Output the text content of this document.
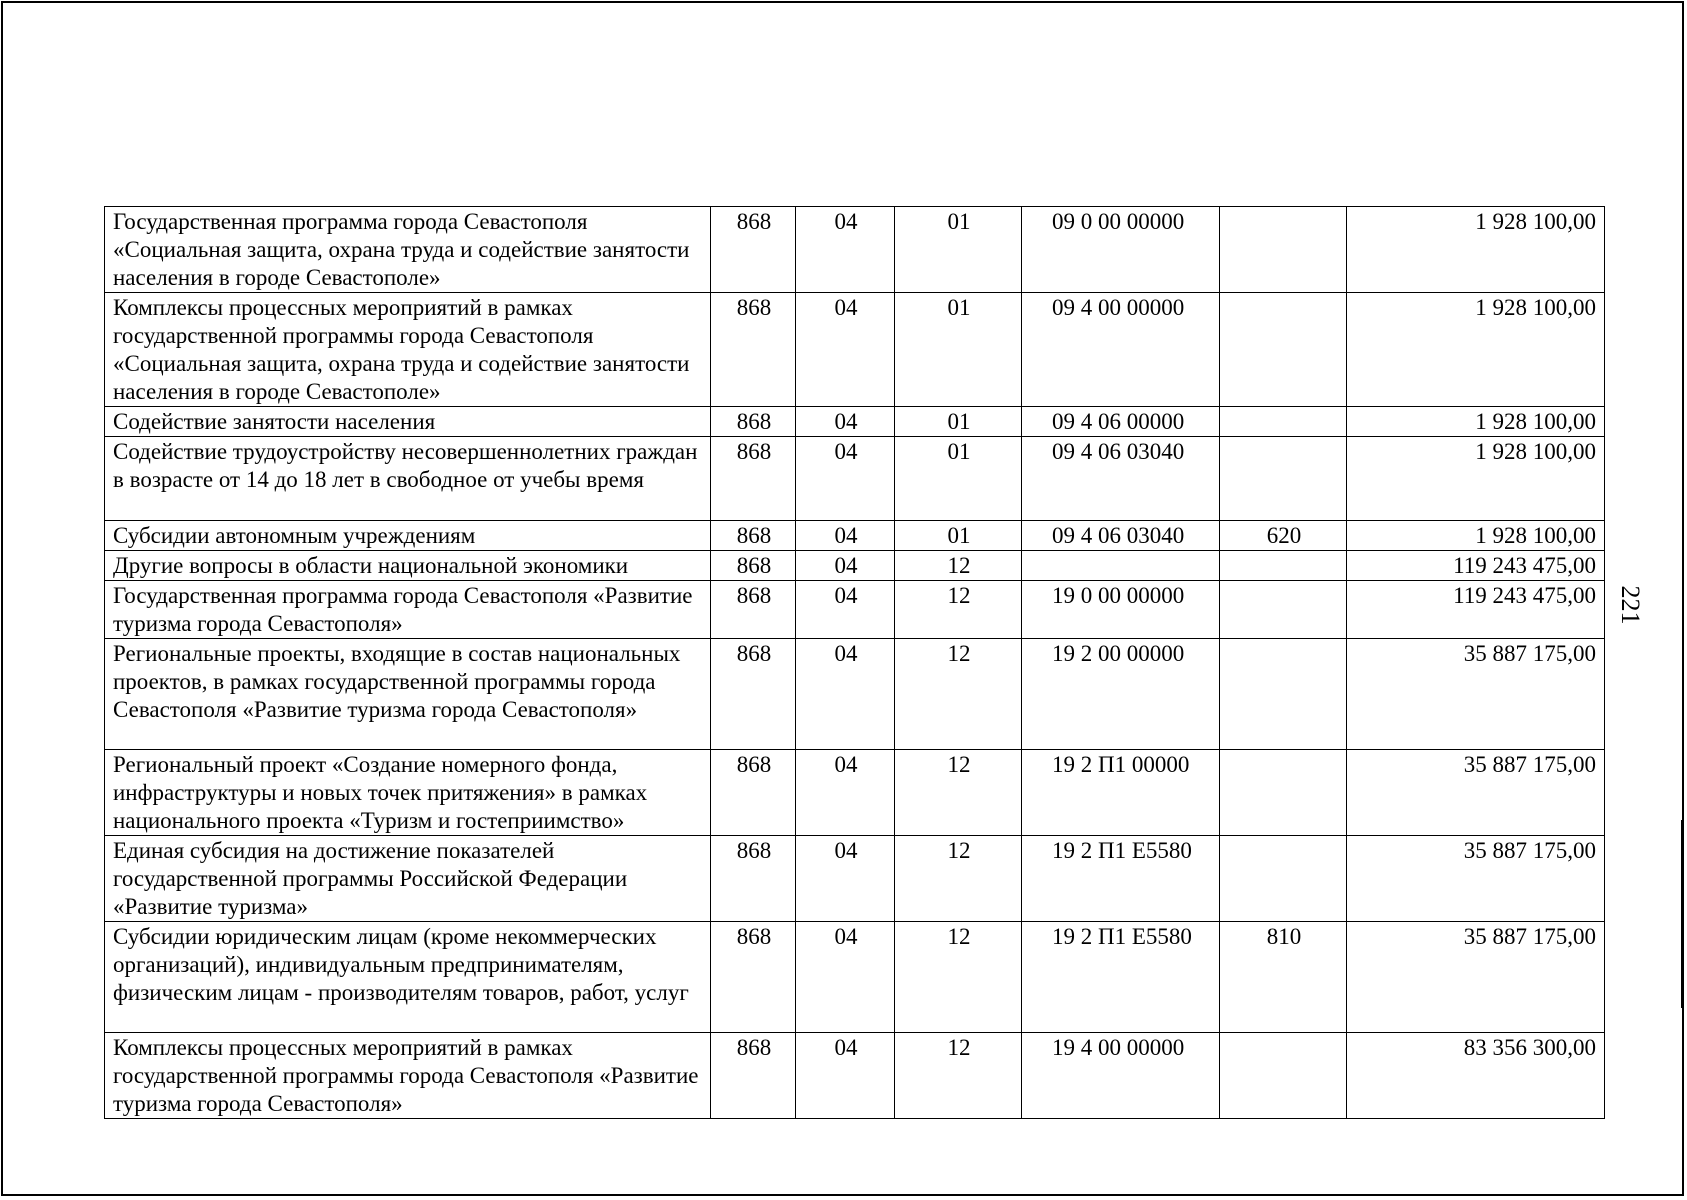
Государственная программа города Севастополя «Социальная защита, охрана труда и содействие занятости населения в городе Севастополе»	868	04	01	09 0 00 00000		1 928 100,00
Комплексы процессных мероприятий в рамках государственной программы города Севастополя «Социальная защита, охрана труда и содействие занятости населения в городе Севастополе»	868	04	01	09 4 00 00000		1 928 100,00
Содействие занятости населения	868	04	01	09 4 06 00000		1 928 100,00
Содействие трудоустройству несовершеннолетних граждан в возрасте от 14 до 18 лет в свободное от учебы время	868	04	01	09 4 06 03040		1 928 100,00
Субсидии автономным учреждениям	868	04	01	09 4 06 03040	620	1 928 100,00
Другие вопросы в области национальной экономики	868	04	12			119 243 475,00
Государственная программа города Севастополя «Развитие туризма города Севастополя»	868	04	12	19 0 00 00000		119 243 475,00
Региональные проекты, входящие в состав национальных проектов, в рамках государственной программы города Севастополя «Развитие туризма города Севастополя»	868	04	12	19 2 00 00000		35 887 175,00
Региональный проект «Создание номерного фонда, инфраструктуры и новых точек притяжения» в рамках национального проекта «Туризм и гостеприимство»	868	04	12	19 2 П1 00000		35 887 175,00
Единая субсидия на достижение показателей государственной программы Российской Федерации «Развитие туризма»	868	04	12	19 2 П1 E5580		35 887 175,00
Субсидии юридическим лицам (кроме некоммерческих организаций), индивидуальным предпринимателям, физическим лицам - производителям товаров, работ, услуг	868	04	12	19 2 П1 E5580	810	35 887 175,00
Комплексы процессных мероприятий в рамках государственной программы города Севастополя «Развитие туризма города Севастополя»	868	04	12	19 4 00 00000		83 356 300,00
221
